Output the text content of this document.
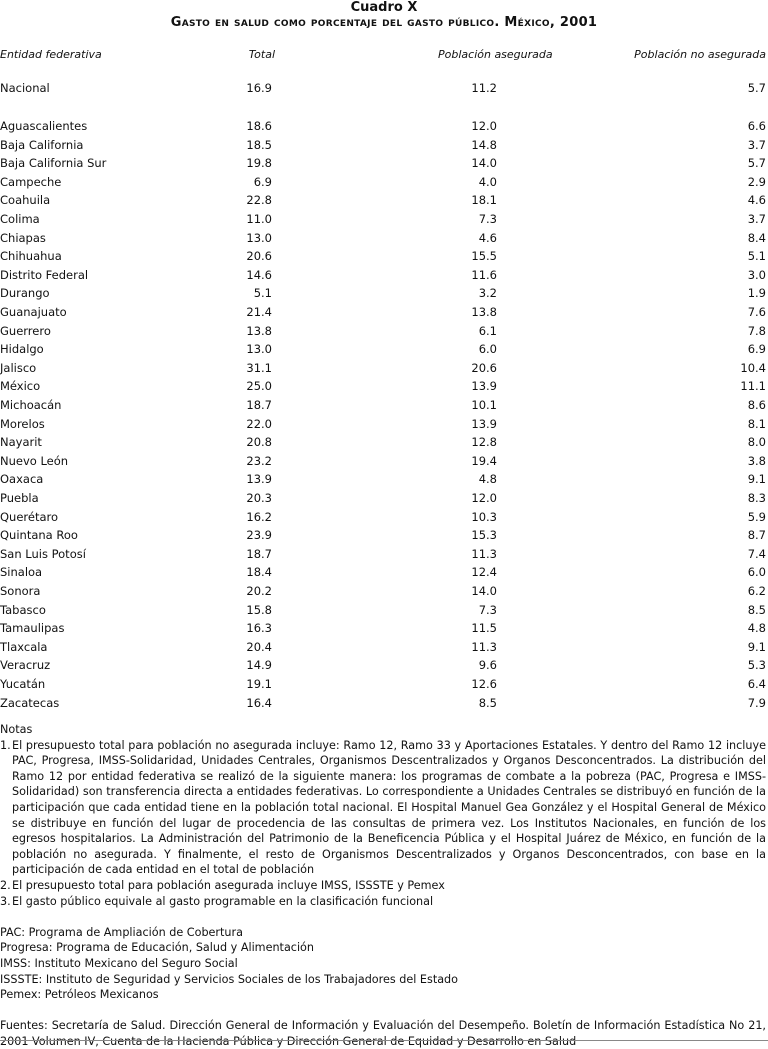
Cuadro X
Gasto en salud como porcentaje del gasto público. México, 2001
Entidad federativa	Total	Población asegurada	Población no asegurada
Nacional	16.9	11.2	5.7
Aguascalientes	18.6	12.0	6.6
Baja California	18.5	14.8	3.7
Baja California Sur	19.8	14.0	5.7
Campeche	6.9	4.0	2.9
Coahuila	22.8	18.1	4.6
Colima	11.0	7.3	3.7
Chiapas	13.0	4.6	8.4
Chihuahua	20.6	15.5	5.1
Distrito Federal	14.6	11.6	3.0
Durango	5.1	3.2	1.9
Guanajuato	21.4	13.8	7.6
Guerrero	13.8	6.1	7.8
Hidalgo	13.0	6.0	6.9
Jalisco	31.1	20.6	10.4
México	25.0	13.9	11.1
Michoacán	18.7	10.1	8.6
Morelos	22.0	13.9	8.1
Nayarit	20.8	12.8	8.0
Nuevo León	23.2	19.4	3.8
Oaxaca	13.9	4.8	9.1
Puebla	20.3	12.0	8.3
Querétaro	16.2	10.3	5.9
Quintana Roo	23.9	15.3	8.7
San Luis Potosí	18.7	11.3	7.4
Sinaloa	18.4	12.4	6.0
Sonora	20.2	14.0	6.2
Tabasco	15.8	7.3	8.5
Tamaulipas	16.3	11.5	4.8
Tlaxcala	20.4	11.3	9.1
Veracruz	14.9	9.6	5.3
Yucatán	19.1	12.6	6.4
Zacatecas	16.4	8.5	7.9

Notas

1. El presupuesto total para población no asegurada incluye: Ramo 12, Ramo 33 y Aportaciones Estatales. Y dentro del Ramo 12 incluye PAC, Progresa, IMSS-Solidaridad, Unidades Centrales, Organismos Descentralizados y Organos Desconcentrados. La distribución del Ramo 12 por entidad federativa se realizó de la siguiente manera: los programas de combate a la pobreza (PAC, Progresa e IMSS-Solidaridad) son transferencia directa a entidades federativas. Lo correspondiente a Unidades Centrales se distribuyó en función de la participación que cada entidad tiene en la población total nacional. El Hospital Manuel Gea González y el Hospital General de México se distribuye en función del lugar de procedencia de las consultas de primera vez. Los Institutos Nacionales, en función de los egresos hospitalarios. La Administración del Patrimonio de la Beneficencia Pública y el Hospital Juárez de México, en función de la población no asegurada. Y finalmente, el resto de Organismos Descentralizados y Organos Desconcentrados, con base en la participación de cada entidad en el total de población
2. El presupuesto total para población asegurada incluye IMSS, ISSSTE y Pemex
3. El gasto público equivale al gasto programable en la clasificación funcional

PAC: Programa de Ampliación de Cobertura

Progresa: Programa de Educación, Salud y Alimentación

IMSS: Instituto Mexicano del Seguro Social

ISSSTE: Instituto de Seguridad y Servicios Sociales de los Trabajadores del Estado

Pemex: Petróleos Mexicanos

Fuentes: Secretaría de Salud. Dirección General de Información y Evaluación del Desempeño. Boletín de Información Estadística No 21, 2001 Volumen IV, Cuenta de la Hacienda Pública y Dirección General de Equidad y Desarrollo en Salud
